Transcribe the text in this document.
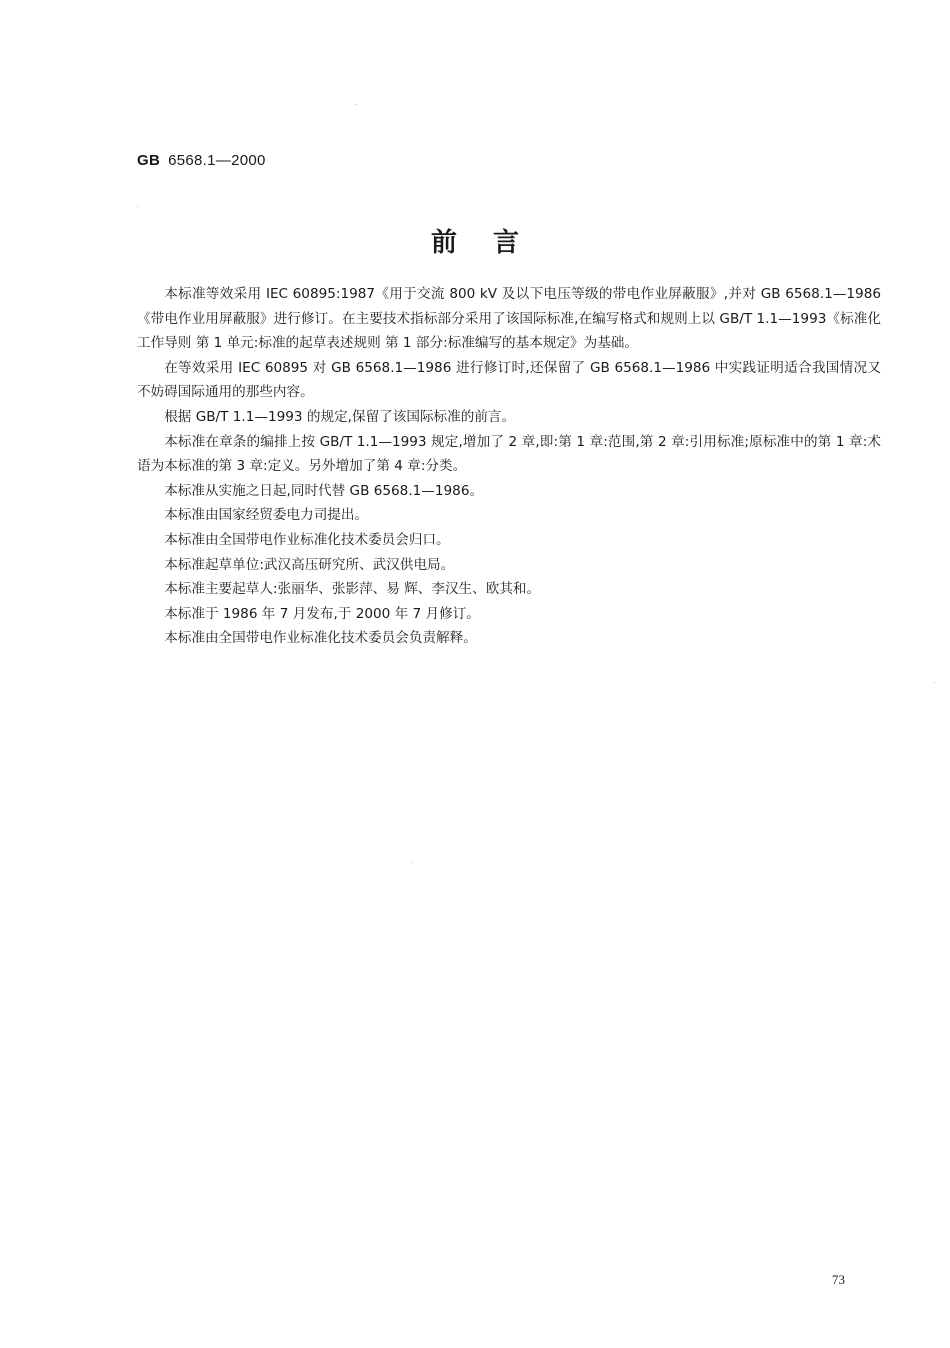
GB 6568.1—2000
前言

本标准等效采用 IEC 60895:1987《用于交流 800 kV 及以下电压等级的带电作业屏蔽服》,并对 GB 6568.1—1986《带电作业用屏蔽服》进行修订。在主要技术指标部分采用了该国际标准,在编写格式和规则上以 GB/T 1.1—1993《标准化工作导则 第 1 单元:标准的起草表述规则 第 1 部分:标准编写的基本规定》为基础。

在等效采用 IEC 60895 对 GB 6568.1—1986 进行修订时,还保留了 GB 6568.1—1986 中实践证明适合我国情况又不妨碍国际通用的那些内容。

根据 GB/T 1.1—1993 的规定,保留了该国际标准的前言。

本标准在章条的编排上按 GB/T 1.1—1993 规定,增加了 2 章,即:第 1 章:范围,第 2 章:引用标准;原标准中的第 1 章:术语为本标准的第 3 章:定义。另外增加了第 4 章:分类。

本标准从实施之日起,同时代替 GB 6568.1—1986。

本标准由国家经贸委电力司提出。

本标准由全国带电作业标准化技术委员会归口。

本标准起草单位:武汉高压研究所、武汉供电局。

本标准主要起草人:张丽华、张影萍、易 辉、李汉生、欧其和。

本标准于 1986 年 7 月发布,于 2000 年 7 月修订。

本标准由全国带电作业标准化技术委员会负责解释。

73
